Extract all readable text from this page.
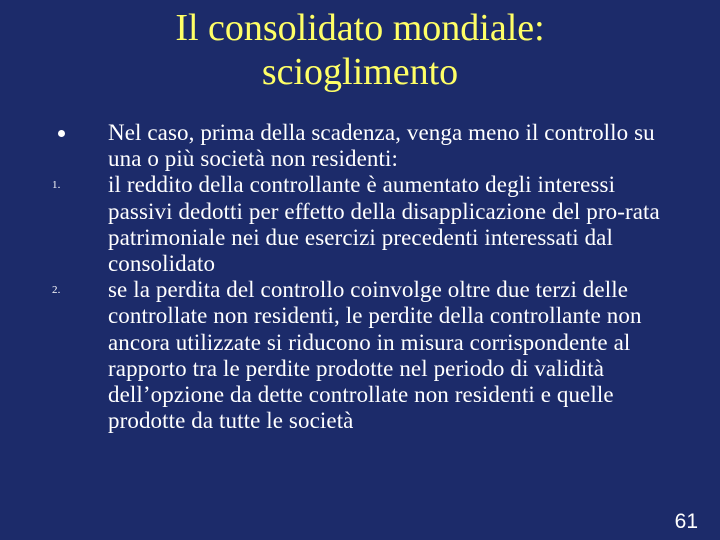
Il consolidato mondiale:
scioglimento
Nel caso, prima della scadenza, venga meno il controllo su una o più società non residenti:
1.	il reddito della controllante è aumentato degli interessi passivi dedotti per effetto della disapplicazione del pro-rata patrimoniale nei due esercizi precedenti interessati dal consolidato
2.	se la perdita del controllo coinvolge oltre due terzi delle controllate non residenti, le perdite della controllante non ancora utilizzate si riducono in misura corrispondente al rapporto tra le perdite prodotte nel periodo di validità dell’opzione da dette controllate non residenti e quelle prodotte da tutte le società
61
